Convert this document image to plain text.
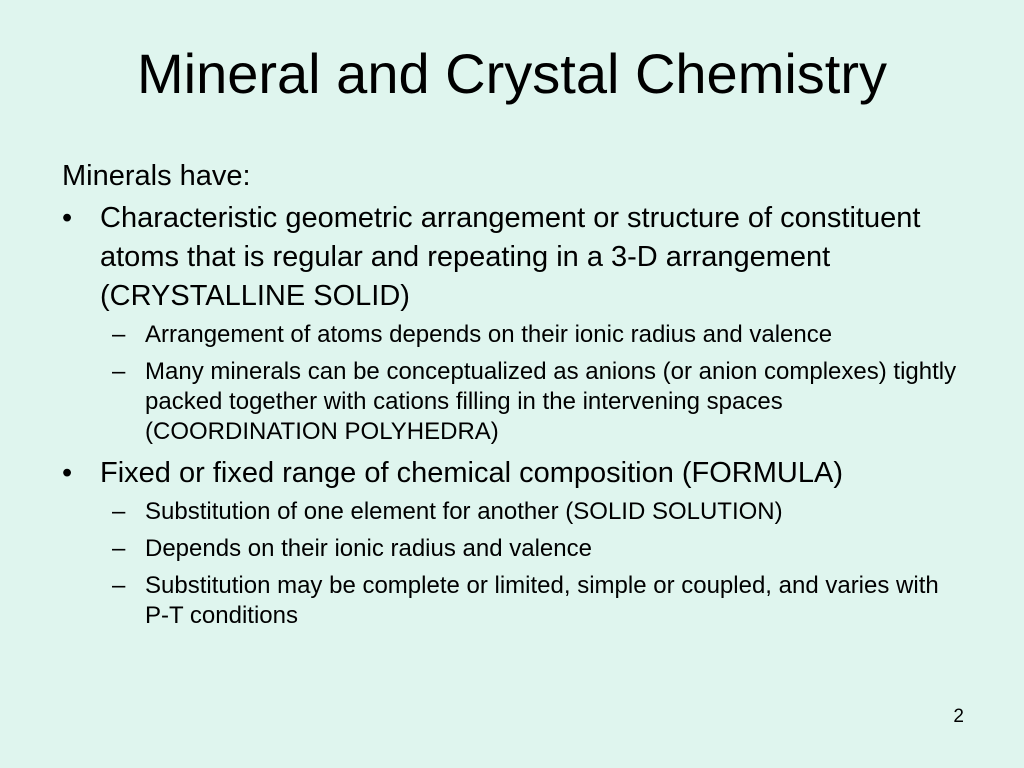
Mineral and Crystal Chemistry
Minerals have:
• Characteristic geometric arrangement or structure of constituent atoms that is regular and repeating in a 3-D arrangement (CRYSTALLINE SOLID)
– Arrangement of atoms depends on their ionic radius and valence
– Many minerals can be conceptualized as anions (or anion complexes) tightly packed together with cations filling in the intervening spaces (COORDINATION POLYHEDRA)
• Fixed or fixed range of chemical composition (FORMULA)
– Substitution of one element for another (SOLID SOLUTION)
– Depends on their ionic radius and valence
– Substitution may be complete or limited, simple or coupled, and varies with P-T conditions
2
